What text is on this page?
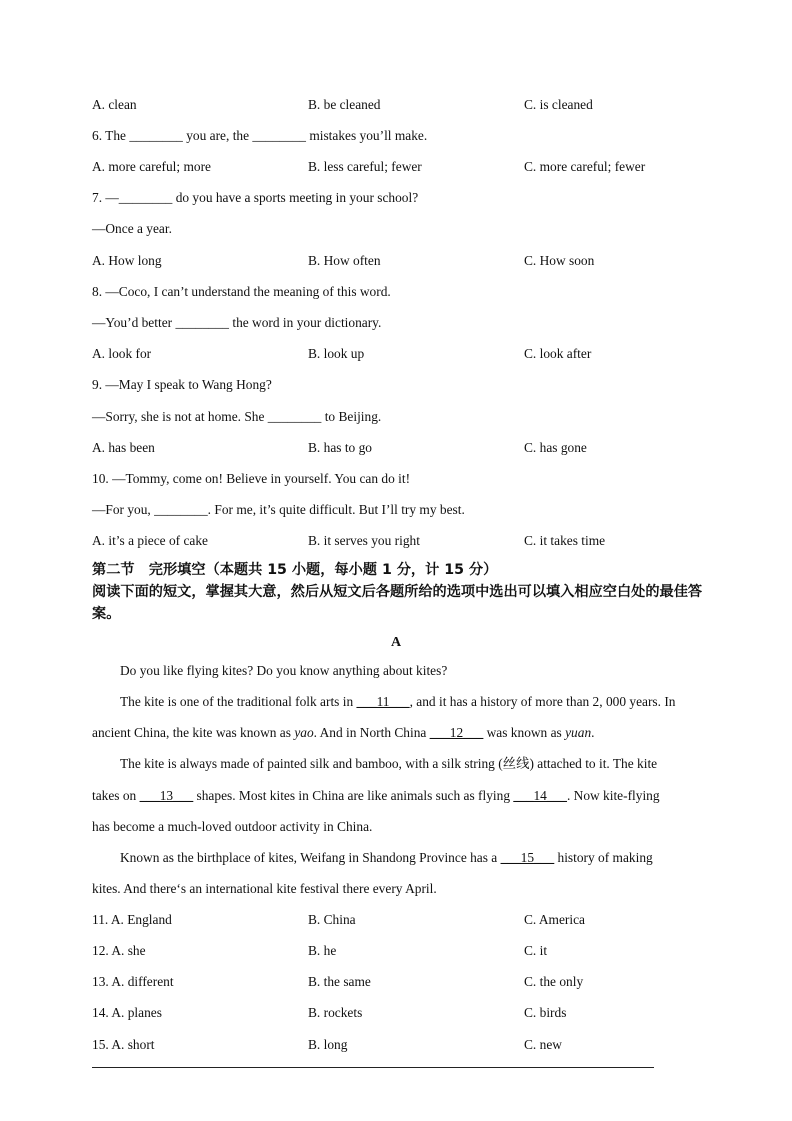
A. clean	B. be cleaned	C. is cleaned
6. The ________ you are, the ________ mistakes you’ll make.
A. more careful; more	B. less careful; fewer	C. more careful; fewer
7. —________ do you have a sports meeting in your school?
—Once a year.
A. How long	B. How often	C. How soon
8. —Coco, I can’t understand the meaning of this word.
—You’d better ________ the word in your dictionary.
A. look for	B. look up	C. look after
9. —May I speak to Wang Hong?
—Sorry, she is not at home. She ________ to Beijing.
A. has been	B. has to go	C. has gone
10. —Tommy, come on! Believe in yourself. You can do it!
—For you, ________. For me, it’s quite difficult. But I’ll try my best.
A. it’s a piece of cake	B. it serves you right	C. it takes time
第二节　完形填空（本题共 15 小题，每小题 1 分，计 15 分）
阅读下面的短文，掌握其大意，然后从短文后各题所给的选项中选出可以填入相应空白处的最佳答案。
A
Do you like flying kites? Do you know anything about kites?
The kite is one of the traditional folk arts in ___11___, and it has a history of more than 2, 000 years. In
ancient China, the kite was known as yao. And in North China ___12___ was known as yuan.
The kite is always made of painted silk and bamboo, with a silk string (丝线) attached to it. The kite
takes on ___13___ shapes. Most kites in China are like animals such as flying ___14___. Now kite-flying
has become a much-loved outdoor activity in China.
Known as the birthplace of kites, Weifang in Shandong Province has a ___15___ history of making
kites. And there‘s an international kite festival there every April.
11. A. England	B. China	C. America
12. A. she	B. he	C. it
13. A. different	B. the same	C. the only
14. A. planes	B. rockets	C. birds
15. A. short	B. long	C. new
